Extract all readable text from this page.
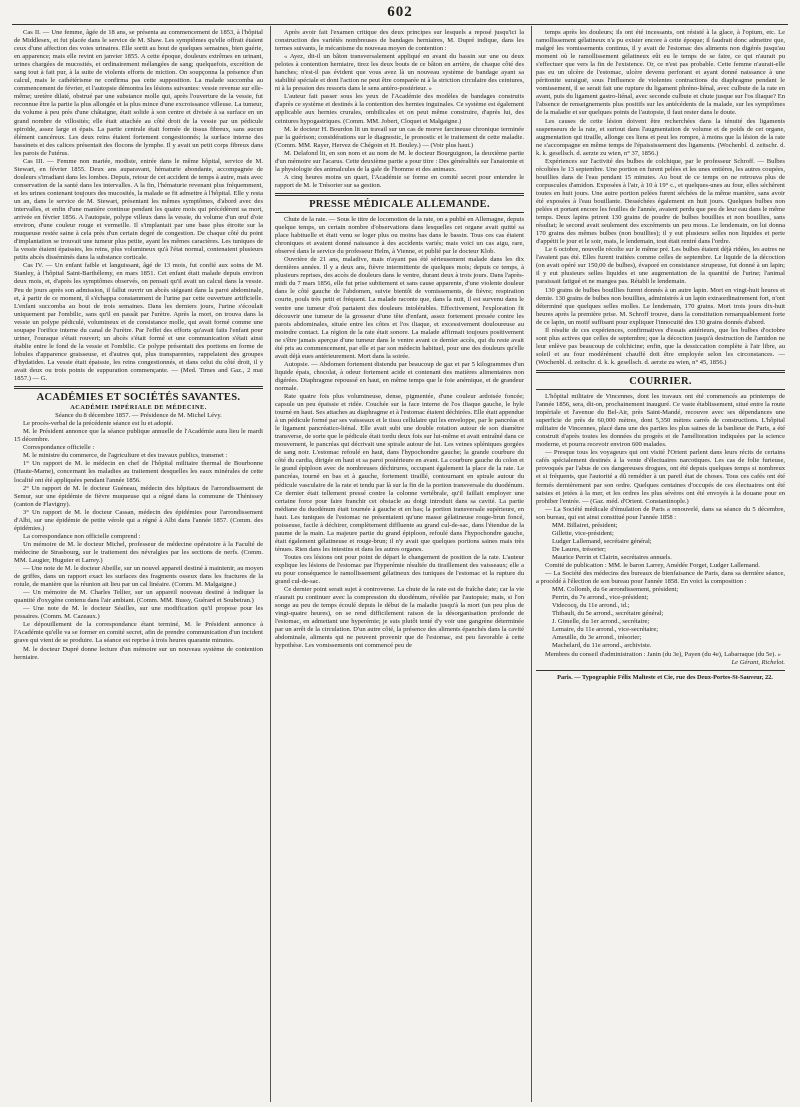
602

Cas II. — Une femme, âgée de 18 ans, se présenta au commencement de 1853, à l'hôpital de Middlesex, et fut placée dans le service de M. Shaw. Les symptômes qu'elle offrait étaient ceux d'une affection des voies urinaires. Elle sortit au bout de quelques semaines, bien guérie, en apparence; mais elle revint en janvier 1855. A cette époque, douleurs extrêmes en urinant, urines chargées de mucosités, et ordinairement mélangées de sang; quelquefois, excrétion de sang tout à fait pur, à la suite de violents efforts de miction. On soupçonna la présence d'un calcul, mais le cathétérisme ne confirma pas cette supposition. La malade succomba au commencement de février, et l'autopsie démontra les lésions suivantes: vessie revenue sur elle-même; uretère dilaté, obstrué par une substance molle qui, après l'ouverture de la vessie, fut reconnue être la partie la plus allongée et la plus mince d'une excroissance villeuse. La tumeur, du volume à peu près d'une châtaigne, était solide à son centre et divisée à sa surface en un grand nombre de villosités; elle était attachée au côté droit de la vessie par un pédicule spiroïde, assez large et épais. La partie centrale était formée de tissus fibreux, sans aucun élément cancéreux. Les deux reins étaient fortement congestionnés; la surface interne des bassinets et des calices présentait des flocons de lymphe. Il y avait un petit corps fibreux dans les parois de l'utérus.

Cas III. — Femme non mariée, modiste, entrée dans le même hôpital, service de M. Stewart, en février 1855. Deux ans auparavant, hématurie abondante, accompagnée de douleurs s'irradiant dans les lombes. Depuis, retour de cet accident de temps à autre, mais avec conservation de la santé dans les intervalles. A la fin, l'hématurie revenant plus fréquemment, et les urines contenant toujours des mucosités, la malade se fit admettre à l'hôpital. Elle y resta un an, dans le service de M. Stewart, présentant les mêmes symptômes, d'abord avec des intervalles, et enfin d'une manière continue pendant les quatre mois qui précédèrent sa mort, arrivée en février 1856. A l'autopsie, polype villeux dans la vessie, du volume d'un œuf d'oie environ, d'une couleur rouge et vermeille. Il s'implantait par une base plus étroite sur la muqueuse restée saine à cela près d'un certain degré de congestion. De chaque côté du point d'implantation se trouvait une tumeur plus petite, ayant les mêmes caractères. Les tuniques de la vessie étaient épaissies, les reins, plus volumineux qu'à l'état normal, contenaient plusieurs petits abcès disséminés dans la substance corticale.

Cas IV. — Un enfant faible et languissant, âgé de 13 mois, fut confié aux soins de M. Stanley, à l'hôpital Saint-Barthélemy, en mars 1851. Cet enfant était malade depuis environ deux mois, et, d'après les symptômes observés, on pensait qu'il avait un calcul dans la vessie. Peu de jours après son admission, il fallut ouvrir un abcès siégeant dans la paroi abdominale, et, à partir de ce moment, il s'échappa constamment de l'urine par cette ouverture artificielle. L'enfant succomba au bout de trois semaines. Dans les derniers jours, l'urine s'écoulait uniquement par l'ombilic, sans qu'il en passât par l'urètre. Après la mort, on trouva dans la vessie un polype pédiculé, volumineux et de consistance molle, qui avait formé comme une soupape l'orifice interne du canal de l'urètre. Par l'effet des efforts qu'avait faits l'enfant pour uriner, l'ouraque s'était rouvert; un abcès s'était formé et une communication s'était ainsi établie entre le fond de la vessie et l'ombilic. Ce polype présentait des portions en forme de lobules d'apparence graisseuse, et d'autres qui, plus transparentes, rappelaient des groupes d'hydatides. La vessie était épaissie, les reins congestionnés, et dans celui du côté droit, il y avait deux ou trois points de suppuration commençante. — (Med. Times and Gaz., 2 mai 1857.) — G.

ACADÉMIES ET SOCIÉTÉS SAVANTES.
ACADÉMIE IMPÉRIALE DE MÉDECINE.

Séance du 8 décembre 1857. — Présidence de M. Michel Lévy.

Le procès-verbal de la précédente séance est lu et adopté.

M. le Président annonce que la séance publique annuelle de l'Académie aura lieu le mardi 15 décembre.

Correspondance officielle :

M. le ministre du commerce, de l'agriculture et des travaux publics, transmet :

1° Un rapport de M. le médecin en chef de l'hôpital militaire thermal de Bourbonne (Haute-Marne), concernant les maladies au traitement desquelles les eaux minérales de cette localité ont été appliquées pendant l'année 1856.

2° Un rapport de M. le docteur Guéneau, médecin des hôpitaux de l'arrondissement de Semur, sur une épidémie de fièvre muqueuse qui a régné dans la commune de Thénissey (canton de Flavigny).

3° Un rapport de M. le docteur Cassan, médecin des épidémies pour l'arrondissement d'Albi, sur une épidémie de petite vérole qui a régné à Albi dans l'année 1857. (Comm. des épidémies.)

La correspondance non officielle comprend :

Un mémoire de M. le docteur Michel, professeur de médecine opératoire à la Faculté de médecine de Strasbourg, sur le traitement des névralgies par les sections de nerfs. (Comm. MM. Laugier, Huguier et Larrey.)

— Une note de M. le docteur Abeille, sur un nouvel appareil destiné à maintenir, au moyen de griffes, dans un rapport exact les surfaces des fragments osseux dans les fractures de la rotule, de manière que la réunion ait lieu par un cal linéaire. (Comm. M. Malgaigne.)

— Un mémoire de M. Charles Tellier, sur un appareil nouveau destiné à indiquer la quantité d'oxygène contenu dans l'air ambiant. (Comm. MM. Bussy, Guérard et Soubeiran.)

— Une note de M. le docteur Séailles, sur une modification qu'il propose pour les pessaires. (Comm. M. Cazeaux.)

Le dépouillement de la correspondance étant terminé, M. le Président annonce à l'Académie qu'elle va se former en comité secret, afin de prendre communication d'un incident grave qui vient de se produire. La séance est reprise à trois heures quarante minutes.

M. le docteur Dupré donne lecture d'un mémoire sur un nouveau système de contention herniaire.

Après avoir fait l'examen critique des deux principes sur lesquels a reposé jusqu'ici la construction des variétés nombreuses de bandages herniaires, M. Dupré indique, dans les termes suivants, le mécanisme du nouveau moyen de contention :

« Ayez, dit-il un bâton transversalement appliqué en avant du bassin sur une ou deux pelotes à contention herniaire, tirez les deux bouts de ce bâton en arrière, de chaque côté des hanches; n'est-il pas évident que vous avez là un nouveau système de bandage ayant sa stabilité spéciale et dont l'action ne peut être comparée ni à la striction circulaire des ceintures, ni à la pression des ressorts dans le sens antéro-postérieur. »

L'auteur fait passer sous les yeux de l'Académie des modèles de bandages construits d'après ce système et destinés à la contention des hernies inguinales. Ce système est également applicable aux hernies crurales, ombilicales et on peut même construire, d'après lui, des ceintures hypogastriques. (Comm. MM. Jobert, Cloquet et Malgaigne.)

M. le docteur H. Bourdon lit un travail sur un cas de morve farcineuse chronique terminée par la guérison; considérations sur le diagnostic, le pronostic et le traitement de cette maladie. (Comm. MM. Rayer, Hervez de Chégoin et H. Bouley.) — (Voir plus haut.)

M. Delafond lit, en son nom et au nom de M. le docteur Bourguignon, la deuxième partie d'un mémoire sur l'acarus. Cette deuxième partie a pour titre : Des généralités sur l'anatomie et la physiologie des animalcules de la gale de l'homme et des animaux.

A cinq heures moins un quart, l'Académie se forme en comité secret pour entendre le rapport de M. le Trésorier sur sa gestion.

PRESSE MÉDICALE ALLEMANDE.

Chute de la rate. — Sous le titre de locomotion de la rate, on a publié en Allemagne, depuis quelque temps, un certain nombre d'observations dans lesquelles cet organe avait quitté sa place habituelle et était venu se loger plus ou moins bas dans le bassin. Tous ces cas étaient chroniques et avaient donné naissance à des accidents variés; mais voici un cas aigu, rare, observé dans le service du professeur Helm, à Vienne, et publié par le docteur Klob.

Ouvrière de 21 ans, maladive, mais n'ayant pas été sérieusement malade dans les dix dernières années. Il y a deux ans, fièvre intermittente de quelques mois; depuis ce temps, à plusieurs reprises, des accès de douleurs dans le ventre, durant deux à trois jours. Dans l'après-midi du 7 mars 1856, elle fut prise subitement et sans cause apparente, d'une violente douleur dans le côté gauche de l'abdomen, suivie bientôt de vomissements, de fièvre; respiration courte, pouls très petit et fréquent. La malade raconte que, dans la nuit, il est survenu dans le ventre une tumeur d'où partaient des douleurs intolérables. Effectivement, l'exploration fit découvrir une tumeur de la grosseur d'une tête d'enfant, assez fortement pressée contre les parois abdominales, située entre les côtes et l'os iliaque, et excessivement douloureuse au moindre contact. La région de la rate était sonore. La malade affirmait toujours positivement ne s'être jamais aperçue d'une tumeur dans le ventre avant ce dernier accès, qui du reste avait été pris au commencement, par elle et par son médecin habituel, pour une des douleurs qu'elle avait déjà eues antérieurement. Mort dans la soirée.

Autopsie. — Abdomen fortement distendu par beaucoup de gaz et par 5 kilogrammes d'un liquide épais, chocolat, à odeur fortement acide et contenant des matières alimentaires non digérées. Diaphragme repoussé en haut, en même temps que le foie anémique, et de grandeur normale.

Rate quatre fois plus volumineuse, dense, pigmentée, d'une couleur ardoisée foncée; capsule un peu épaissie et ridée. Couchée sur la face interne de l'os iliaque gauche, le hyle tourné en haut. Ses attaches au diaphragme et à l'estomac étaient déchirées. Elle était appendue à un pédicule formé par ses vaisseaux et le tissu cellulaire qui les enveloppe, par le pancréas et le ligament pancréatico-liénal. Elle avait subi une double rotation autour de son diamètre transverse, de sorte que le pédicule était tordu deux fois sur lui-même et avait entraîné dans ce mouvement, le pancréas qui décrivait une spirale autour de lui. Les veines spléniques gorgées de sang noir. L'estomac refoulé en haut, dans l'hypochondre gauche; la grande courbure du côté du cardia, dirigée en haut et sa paroi postérieure en avant. La courbure gauche du colon et le grand épiploon avec de nombreuses déchirures, occupant également la place de la rate. Le pancréas, tourné en bas et à gauche, fortement tiraillé, contournant en spirale autour du pédicule vasculaire de la rate et tendu par là sur la fin de la portion transversale du duodénum. Ce dernier était tellement pressé contre la colonne vertébrale, qu'il faillait employer une certaine force pour faire franchir cet obstacle au doigt introduit dans sa cavité. La partie médiane du duodénum était tournée à gauche et en bas; la portion transversale supérieure, en haut. Les tuniques de l'estomac ne présentaient qu'une masse gélatineuse rouge-brun foncé, poisseuse, facile à déchirer, complètement diffluente au grand cul-de-sac, dans l'étendue de la paume de la main. La majeure partie du grand épiploon, refoulé dans l'hypochondre gauche, était également gélatineuse et rouge-brun; il n'y avait que quelques portions saines mais très ténues. Rien dans les intestins et dans les autres organes.

Toutes ces lésions ont pour point de départ le changement de position de la rate. L'auteur explique les lésions de l'estomac par l'hyperémie résultée du tiraillement des vaisseaux; elle a eu pour conséquence le ramollissement gélatineux des tuniques de l'estomac et la rupture du grand cul-de-sac.

Ce dernier point serait sujet à controverse. La chute de la rate est de fraîche date; car la vie n'aurait pu continuer avec la compression du duodénum, révélée par l'autopsie; mais, si l'on songe au peu de temps écoulé depuis le début de la maladie jusqu'à la mort (un peu plus de vingt-quatre heures), on se rend difficilement raison de la désorganisation profonde de l'estomac, en admettant une hyperémie; je suis plutôt tenté d'y voir une gangrène déterminée par un arrêt de la circulation. D'un autre côté, la présence des aliments épanchés dans la cavité abdominale, aliments qui ne peuvent provenir que de l'estomac, est peu favorable à cette hypothèse. Les vomissements ont commencé peu de

temps après les douleurs; ils ont été incessants, ont résisté à la glace, à l'opium, etc. Le ramollissement gélatineux n'a pu exister encore à cette époque; il faudrait donc admettre que, malgré les vomissements continus, il y avait de l'estomac des aliments non digérés jusqu'au moment où le ramollissement gélatineux eût eu le temps de se faire, ce qui n'aurait pu s'effectuer que vers la fin de l'existence. Or, ce n'est pas probable. Cette femme n'aurait-elle pas eu un ulcère de l'estomac, ulcère devenu perforant et ayant donné naissance à une péritonite suraiguë, sous l'influence de violentes contractions du diaphragme pendant le vomissement, il se serait fait une rupture du ligament phréno-liénal, avec culbute de la rate en avant, puis du ligament gastro-liénal, avec seconde culbute et chute jusque sur l'os iliaque? En l'absence de renseignements plus positifs sur les antécédents de la malade, sur les symptômes de la maladie et sur quelques points de l'autopsie, il faut rester dans le doute.

Les causes de cette lésion doivent être recherchées dans la ténuité des ligaments suspenseurs de la rate, et surtout dans l'augmentation de volume et de poids de cet organe, augmentation qui tiraille, allonge ces liens et peut les rompre, à moins que la lésion de la rate ne s'accompagne en même temps de l'épaississement des ligaments. (Wochenbl. d. zeitschr. d. k. k. gesellsch. d. aerzte zu wien, n° 37, 1856.)

Expériences sur l'activité des bulbes de colchique, par le professeur Schroff. — Bulbes récoltées le 13 septembre. Une portion en furent pelées et les unes entières, les autres coupées, bouillies dans de l'eau pendant 15 minutes. Au bout de ce temps on ne retrouva plus de corpuscules d'amidon. Exposées à l'air, à 10 à 19° c., et quelques-unes au four, elles séchèrent toutes en huit jours. Une autre portion pelées furent séchées de la même manière, sans avoir été exposées à l'eau bouillante. Desséchées également en huit jours. Quelques bulbes non pelées et portant encore les feuilles de l'année, avaient perdu que peu de leur eau dans le même temps. Deux lapins prirent 130 grains de poudre de bulbes bouillies et non bouillies, sans résultat; le second avait seulement des excréments un peu mous. Le lendemain, on lui donna 170 grains des mêmes bulbes (non bouillies); il y eut plusieurs selles non liquides et perte d'appétit le jour et le soir, mais, le lendemain, tout était rentré dans l'ordre.

Le 6 octobre, nouvelle récolte sur le même pré. Les bulbes étaient déjà ridées, les autres ne l'avaient pas été. Elles furent traitées comme celles de septembre. Le liquide de la décoction (on avait opéré sur 150,00 de bulbes), évaporé en consistance sirupeuse, fut donné à un lapin; il y eut plusieurs selles liquides et une augmentation de la quantité de l'urine; l'animal paraissait fatigué et ne mangea pas. Rétabli le lendemain.

130 grains de bulbes bouillies furent donnés à un autre lapin. Mort en vingt-huit heures et demie. 130 grains de bulbes non bouillies, administrés à un lapin extraordinairement fort, n'ont déterminé que quelques selles molles. Le lendemain, 170 grains. Mort trois jours dix-huit heures après la première prise. M. Schroff trouve, dans la constitution remarquablement forte de ce lapin, un motif suffisant pour expliquer l'innocuité des 130 grains donnés d'abord.

Il résulte de ces expériences, confirmatives d'essais antérieurs, que les bulbes d'octobre sont plus actives que celles de septembre; que la décoction jusqu'à destruction de l'amidon ne leur enlève pas beaucoup de colchicine; enfin, que la dessiccation complète à l'air libre, au soleil et au four modérément chauffé doit être employée selon les circonstances. — (Wochenbl. d. zeitschr. d. k. k. gesellsch. d. aerzte zu wien, n° 45, 1856.)

COURRIER.

L'hôpital militaire de Vincennes, dont les travaux ont été commencés au printemps de l'année 1856, sera, dit-on, prochainement inauguré. Ce vaste établissement, situé entre la route impériale et l'avenue du Bel-Air, près Saint-Mandé, recouvre avec ses dépendances une superficie de près de 60,000 mètres, dont 5,350 mètres carrés de constructions. L'hôpital militaire de Vincennes, placé dans une des parties les plus saines de la banlieue de Paris, a été construit d'après toutes les données du progrès et de l'amélioration indiquées par la science moderne, et pourra recevoir environ 600 malades.

— Presque tous les voyageurs qui ont visité l'Orient parlent dans leurs récits de certains cafés spécialement destinés à la vente d'électuaires narcotiques. Les cas de folie furieuse, provoqués par l'abus de ces dangereuses drogues, ont été depuis quelques temps si nombreux et si fréquents, que l'autorité a dû remédier à un pareil état de choses. Tous ces cafés ont été fermés dernièrement par son ordre. Quelques centaines d'occupés de ces électuaires ont été saisies et jetées à la mer, et les ordres les plus sévères ont été envoyés à la douane pour en prohiber l'entrée. — (Gaz. méd. d'Orient. Constantinople.)

— La Société médicale d'émulation de Paris a renouvelé, dans sa séance du 5 décembre, son bureau, qui est ainsi constitué pour l'année 1858 :

MM. Billairet, président;

Gillette, vice-président;

Ludger Lallemand, secrétaire général;

De Laures, trésorier;

Maurice Perrin et Clairin, secrétaires annuels.

Comité de publication : MM. le baron Larrey, Amédée Forget, Ludger Lallemand.

— La Société des médecins des bureaux de bienfaisance de Paris, dans sa dernière séance, a procédé à l'élection de son bureau pour l'année 1858. En voici la composition :

MM. Collomb, du 6e arrondissement, président;

Perrin, du 7e arrond., vice-président;

Videcocq, du 11e arrond., id.;

Thibault, du 5e arrond., secrétaire général;

J. Gimelle, du 1er arrond., secrétaire;

Lemaire, du 11e arrond., vice-secrétaire;

Ameuille, du 3e arrond., trésorier;

Machelard, du 11e arrond., archiviste.

Membres du conseil d'administration : Janin (du 3e), Payen (du 4e), Labarraque (du 5e). »

Le Gérant, Richelot.

Paris. — Typographie Félix Malteste et Cie, rue des Deux-Portes-St-Sauveur, 22.
